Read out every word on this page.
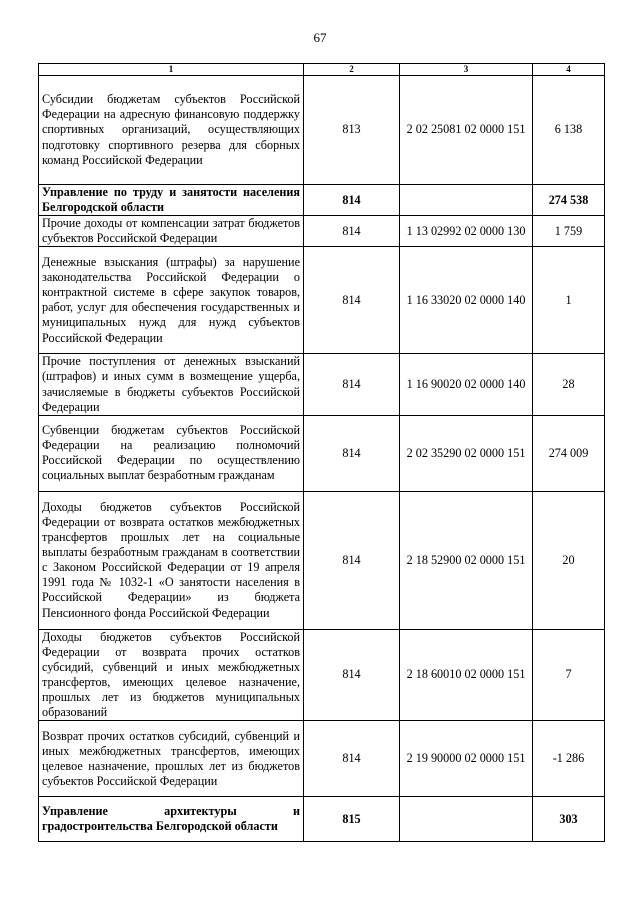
67
1	2	3	4
Субсидии бюджетам субъектов Российской Федерации на адресную финансовую поддержку спортивных организаций, осуществляющих подготовку спортивного резерва для сборных команд Российской Федерации	813	2 02 25081 02 0000 151	6 138
Управление по труду и занятости населения Белгородской области	814		274 538
Прочие доходы от компенсации затрат бюджетов субъектов Российской Федерации	814	1 13 02992 02 0000 130	1 759
Денежные взыскания (штрафы) за нарушение законодательства Российской Федерации о контрактной системе в сфере закупок товаров, работ, услуг для обеспечения государственных и муниципальных нужд для нужд субъектов Российской Федерации	814	1 16 33020 02 0000 140	1
Прочие поступления от денежных взысканий (штрафов) и иных сумм в возмещение ущерба, зачисляемые в бюджеты субъектов Российской Федерации	814	1 16 90020 02 0000 140	28
Субвенции бюджетам субъектов Российской Федерации на реализацию полномочий Российской Федерации по осуществлению социальных выплат безработным гражданам	814	2 02 35290 02 0000 151	274 009
Доходы бюджетов субъектов Российской Федерации от возврата остатков межбюджетных трансфертов прошлых лет на социальные выплаты безработным гражданам в соответствии с Законом Российской Федерации от 19 апреля 1991 года № 1032-1 «О занятости населения в Российской Федерации» из бюджета Пенсионного фонда Российской Федерации	814	2 18 52900 02 0000 151	20
Доходы бюджетов субъектов Российской Федерации от возврата прочих остатков субсидий, субвенций и иных межбюджетных трансфертов, имеющих целевое назначение, прошлых лет из бюджетов муниципальных образований	814	2 18 60010 02 0000 151	7
Возврат прочих остатков субсидий, субвенций и иных межбюджетных трансфертов, имеющих целевое назначение, прошлых лет из бюджетов субъектов Российской Федерации	814	2 19 90000 02 0000 151	-1 286
Управление архитектуры и градостроительства Белгородской области	815		303
